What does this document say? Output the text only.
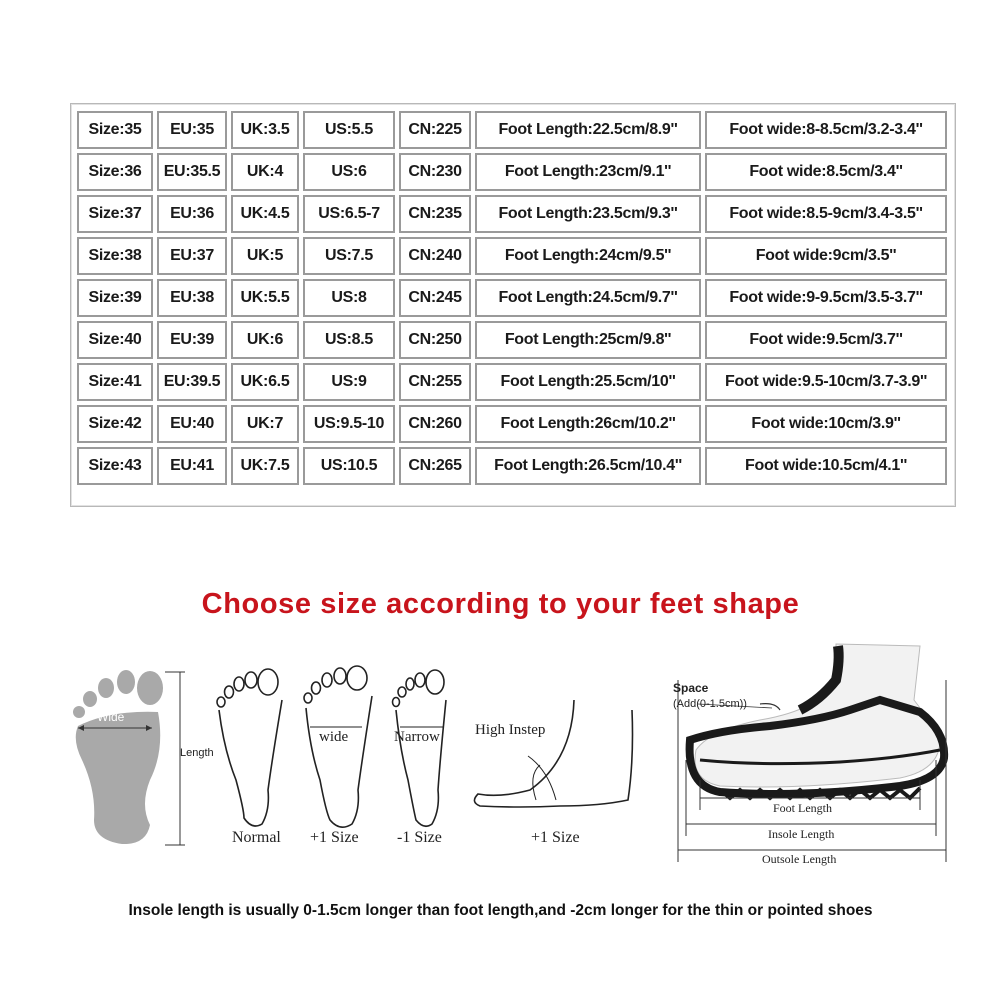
Size:35	EU:35	UK:3.5	US:5.5	CN:225	Foot Length:22.5cm/8.9''	Foot wide:8-8.5cm/3.2-3.4''
Size:36	EU:35.5	UK:4	US:6	CN:230	Foot Length:23cm/9.1''	Foot wide:8.5cm/3.4''
Size:37	EU:36	UK:4.5	US:6.5-7	CN:235	Foot Length:23.5cm/9.3''	Foot wide:8.5-9cm/3.4-3.5''
Size:38	EU:37	UK:5	US:7.5	CN:240	Foot Length:24cm/9.5''	Foot wide:9cm/3.5''
Size:39	EU:38	UK:5.5	US:8	CN:245	Foot Length:24.5cm/9.7''	Foot wide:9-9.5cm/3.5-3.7''
Size:40	EU:39	UK:6	US:8.5	CN:250	Foot Length:25cm/9.8''	Foot wide:9.5cm/3.7''
Size:41	EU:39.5	UK:6.5	US:9	CN:255	Foot Length:25.5cm/10''	Foot wide:9.5-10cm/3.7-3.9''
Size:42	EU:40	UK:7	US:9.5-10	CN:260	Foot Length:26cm/10.2''	Foot wide:10cm/3.9''
Size:43	EU:41	UK:7.5	US:10.5	CN:265	Foot Length:26.5cm/10.4''	Foot wide:10.5cm/4.1''
Choose size according to your feet shape
Wide
Length
Normal
wide
+1 Size
Narrow
-1 Size
High Instep
+1 Size
Space
(Add(0-1.5cm))
Foot Length
Insole Length
Outsole Length
Insole length is usually 0-1.5cm longer than foot length,and -2cm longer for the thin or pointed shoes
